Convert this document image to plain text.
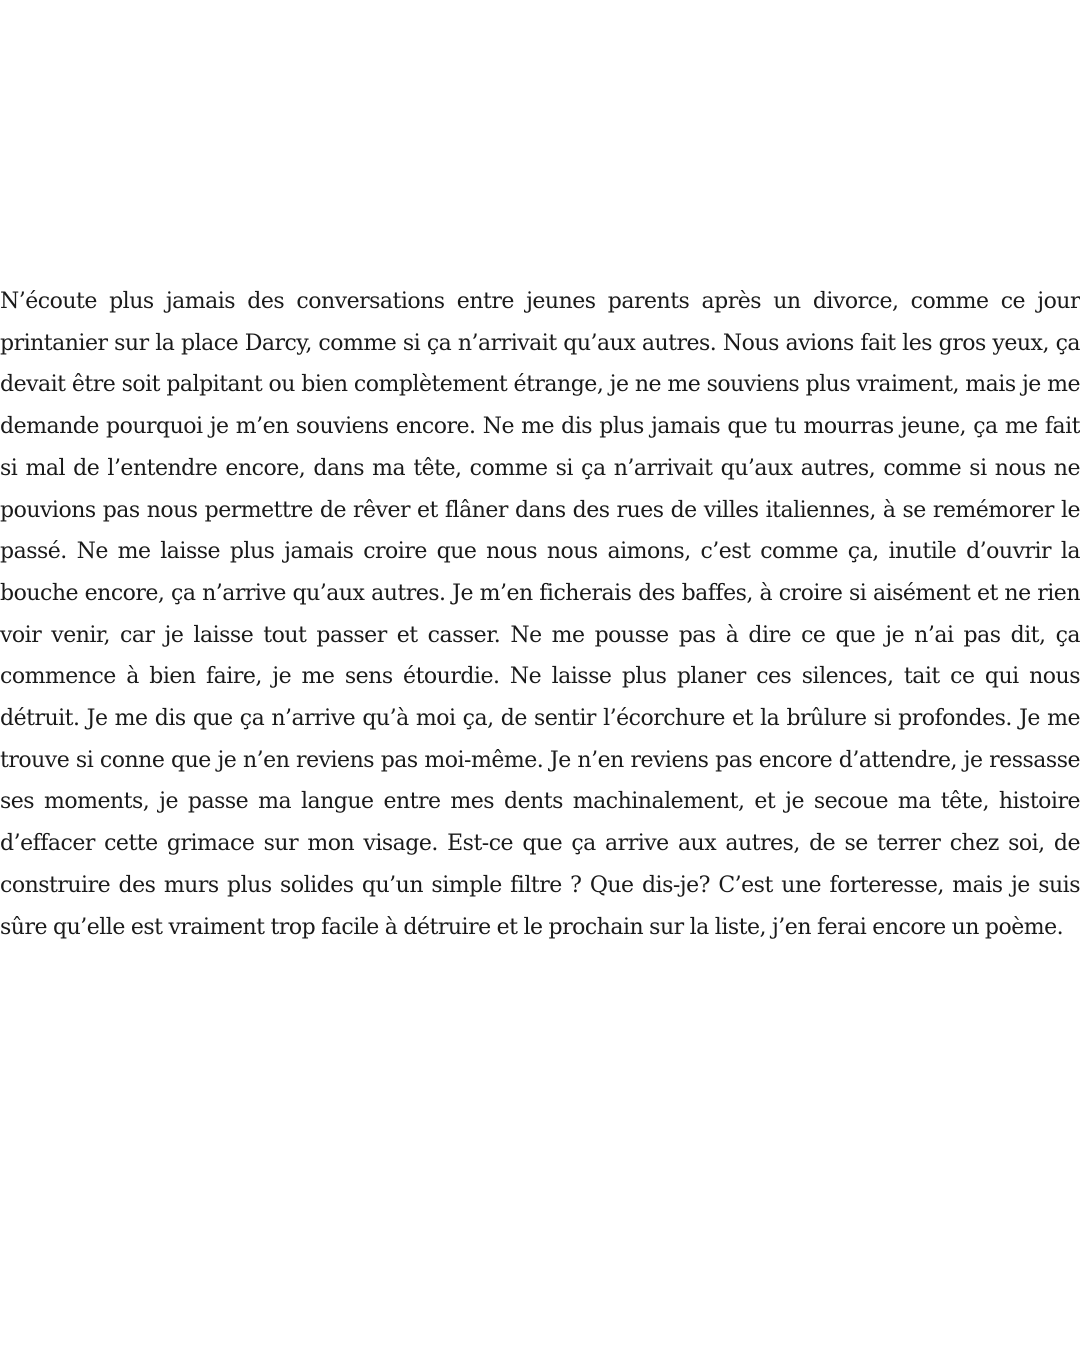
N’écoute plus jamais des conversations entre jeunes parents après un divorce, comme ce jour printanier sur la place Darcy, comme si ça n’arrivait qu’aux autres. Nous avions fait les gros yeux, ça devait être soit palpitant ou bien complètement étrange, je ne me souviens plus vraiment, mais je me demande pourquoi je m’en souviens encore. Ne me dis plus jamais que tu mourras jeune, ça me fait si mal de l’entendre encore, dans ma tête, comme si ça n’arrivait qu’aux autres, comme si nous ne pouvions pas nous permettre de rêver et flâner dans des rues de villes italiennes, à se remémorer le passé. Ne me laisse plus jamais croire que nous nous aimons, c’est comme ça, inutile d’ouvrir la bouche encore, ça n’arrive qu’aux autres. Je m’en ficherais des baffes, à croire si aisément et ne rien voir venir, car je laisse tout passer et casser. Ne me pousse pas à dire ce que je n’ai pas dit, ça commence à bien faire, je me sens étourdie. Ne laisse plus planer ces silences, tait ce qui nous détruit. Je me dis que ça n’arrive qu’à moi ça, de sentir l’écorchure et la brûlure si profondes. Je me trouve si conne que je n’en reviens pas moi-même. Je n’en reviens pas encore d’attendre, je ressasse ses moments, je passe ma langue entre mes dents machinalement, et je secoue ma tête, histoire d’effacer cette grimace sur mon visage. Est-ce que ça arrive aux autres, de se terrer chez soi, de construire des murs plus solides qu’un simple filtre ? Que dis-je? C’est une forteresse, mais je suis sûre qu’elle est vraiment trop facile à détruire et le prochain sur la liste, j’en ferai encore un poème.
